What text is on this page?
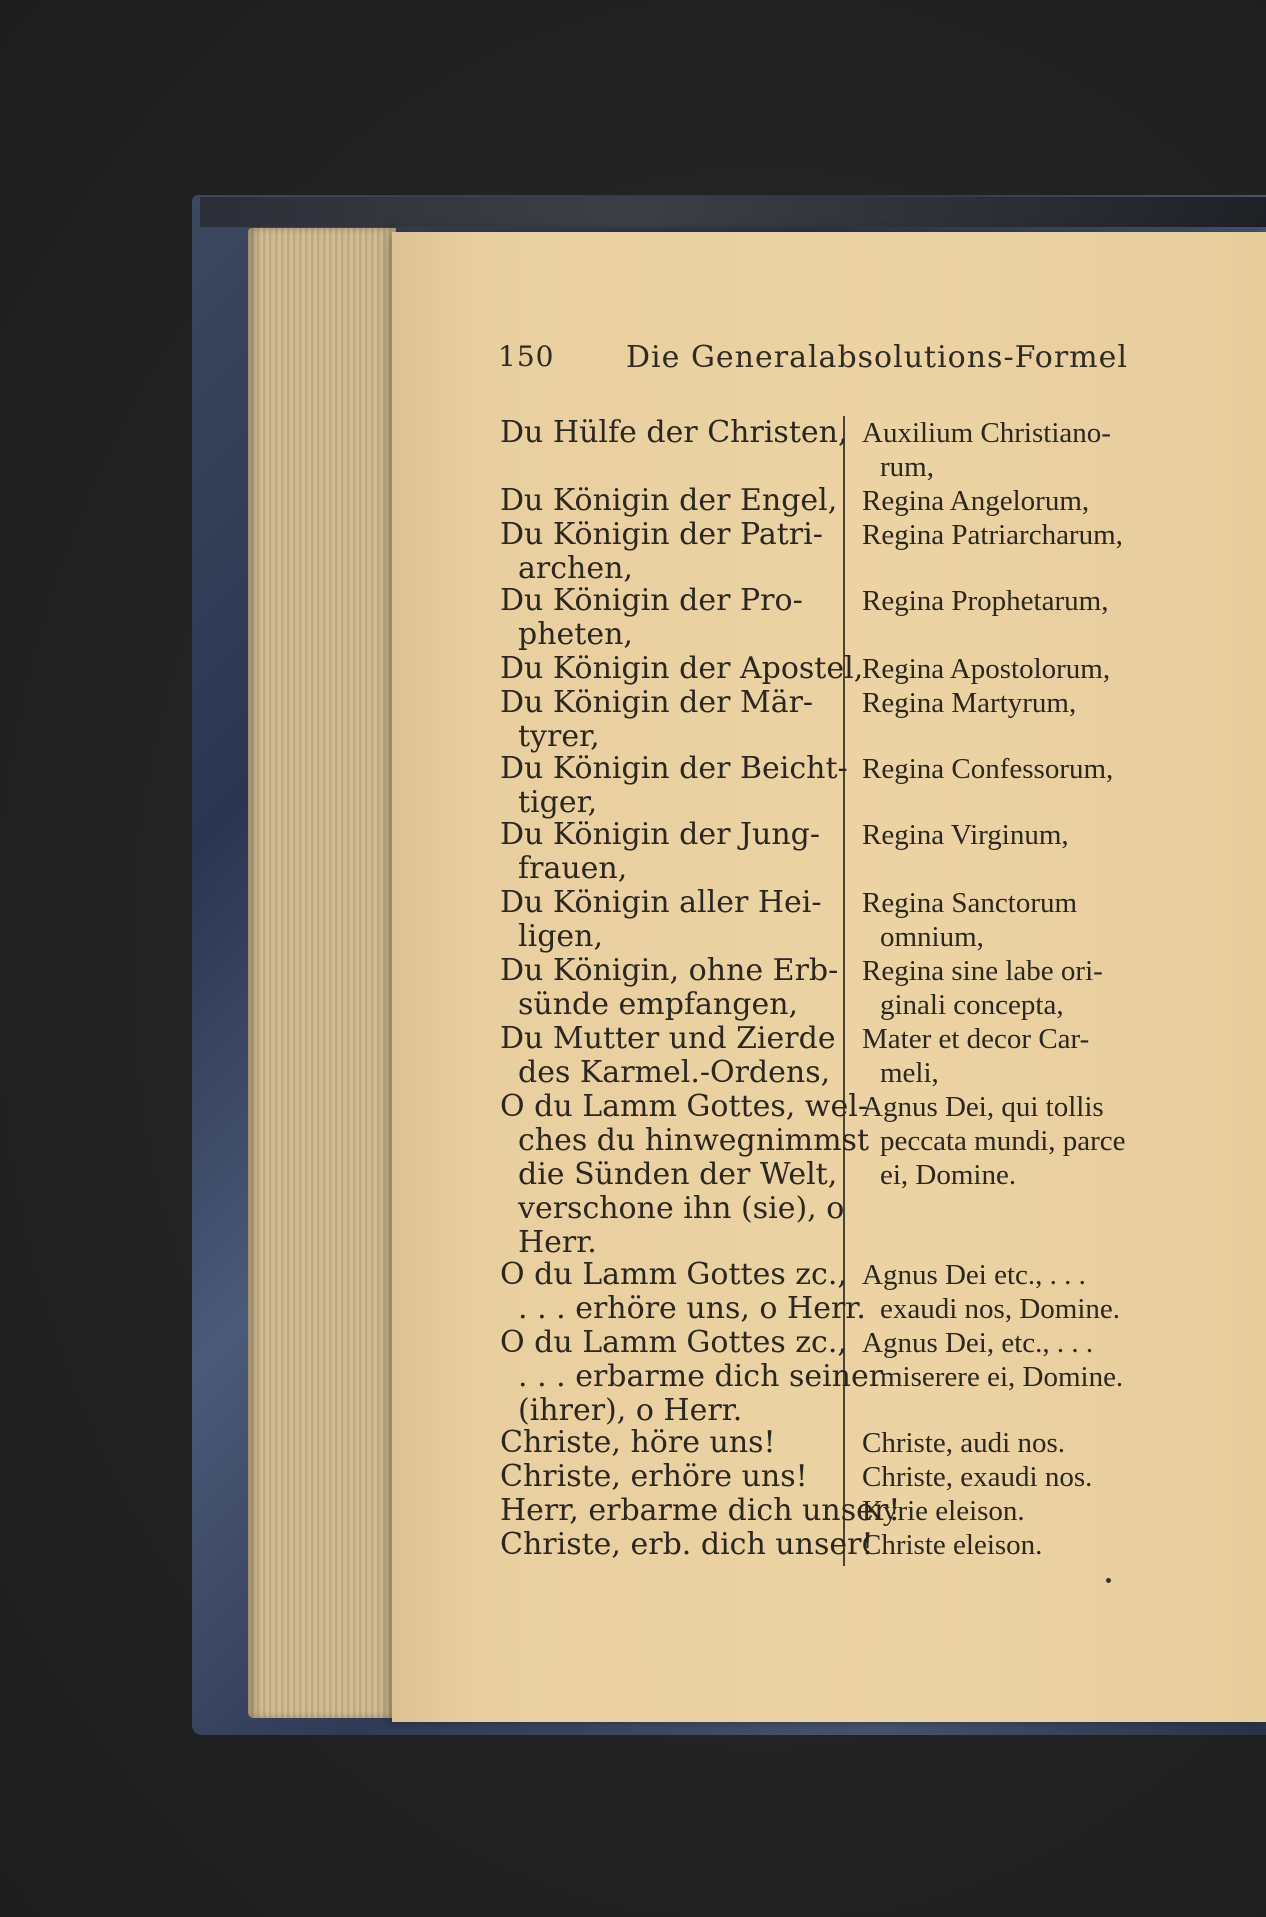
150 Die Generalabsolutions-Formel
Du Hülfe der Christen,
Du Königin der Engel,
Du Königin der Patri-
archen,
Du Königin der Pro-
pheten,
Du Königin der Apostel,
Du Königin der Mär-
tyrer,
Du Königin der Beicht-
tiger,
Du Königin der Jung-
frauen,
Du Königin aller Hei-
ligen,
Du Königin, ohne Erb-
sünde empfangen,
Du Mutter und Zierde
des Karmel.-Ordens,
O du Lamm Gottes, wel-
ches du hinwegnimmst
die Sünden der Welt,
verschone ihn (sie), o
Herr.
O du Lamm Gottes zc.,
. . . erhöre uns, o Herr.
O du Lamm Gottes zc.,
. . . erbarme dich seiner
(ihrer), o Herr.
Christe, höre uns!
Christe, erhöre uns!
Herr, erbarme dich unser!
Christe, erb. dich unser!
Auxilium Christiano-
rum,
Regina Angelorum,
Regina Patriarcharum,
Regina Prophetarum,
Regina Apostolorum,
Regina Martyrum,
Regina Confessorum,
Regina Virginum,
Regina Sanctorum
omnium,
Regina sine labe ori-
ginali concepta,
Mater et decor Car-
meli,
Agnus Dei, qui tollis
peccata mundi, parce
ei, Domine.
Agnus Dei etc., . . .
exaudi nos, Domine.
Agnus Dei, etc., . . .
miserere ei, Domine.
Christe, audi nos.
Christe, exaudi nos.
Kyrie eleison.
Christe eleison.
